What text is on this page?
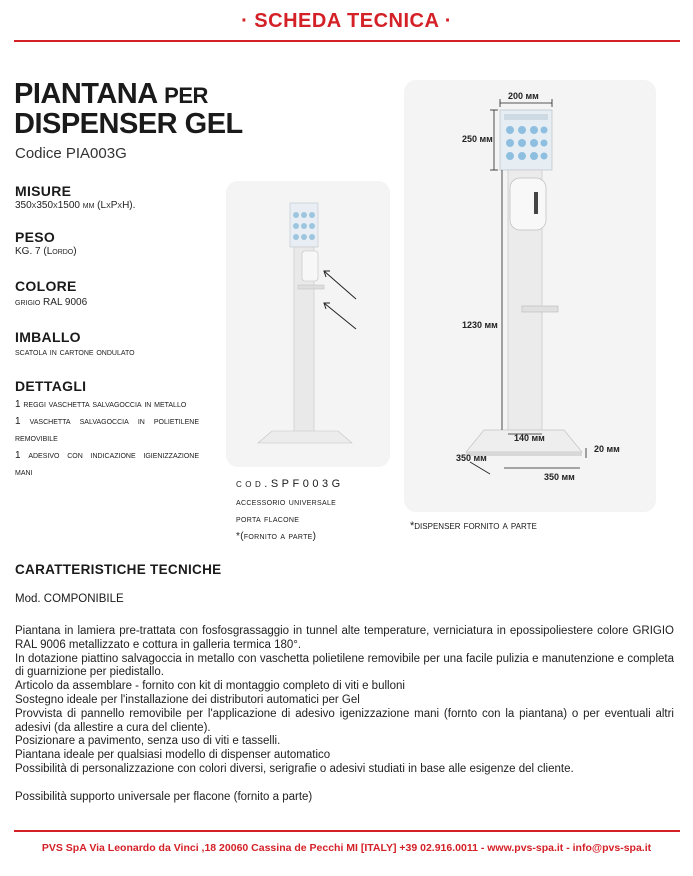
· SCHEDA TECNICA ·
PIANTANA PER
DISPENSER GEL
Codice PIA003G
MISURE
350x350x1500 mm (LxPxH).
PESO
KG. 7 (Lordo)
COLORE
grigio RAL 9006
IMBALLO
scatola in cartone ondulato
DETTAGLI
1 reggi vaschetta salvagoccia in metallo
1 vaschetta salvagoccia in polietilene removibile
1 adesivo con indicazione igienizzazione mani
cod.SPF003G
accessorio universale
porta flacone
*(fornito a parte)
200 мм
250 мм
1230 мм
140 мм
20 мм
350 мм
350 мм
*dispenser fornito a parte
CARATTERISTICHE TECNICHE
Mod. COMPONIBILE

Piantana in lamiera pre-trattata con fosfosgrassaggio in tunnel alte temperature, verniciatura in epossipoliestere colore GRIGIO RAL 9006 metallizzato e cottura in galleria termica 180°.

In dotazione piattino salvagoccia in metallo con vaschetta polietilene removibile per una facile pulizia e manutenzione e completa di guarnizione per piedistallo.

Articolo da assemblare - fornito con kit di montaggio completo di viti e bulloni

Sostegno ideale per l'installazione dei distributori automatici per Gel

Provvista di pannello removibile per l'applicazione di adesivo igenizzazione mani (fornto con la piantana) o per eventuali altri adesivi (da allestire a cura del cliente).

Posizionare a pavimento, senza uso di viti e tasselli.

Piantana ideale per qualsiasi modello di dispenser automatico

Possibilità di personalizzazione con colori diversi, serigrafie o adesivi studiati in base alle esigenze del cliente.

Possibilità supporto universale per flacone (fornito a parte)

PVS SpA Via Leonardo da Vinci ,18 20060 Cassina de Pecchi MI [ITALY] +39 02.916.0011 - www.pvs-spa.it - info@pvs-spa.it
